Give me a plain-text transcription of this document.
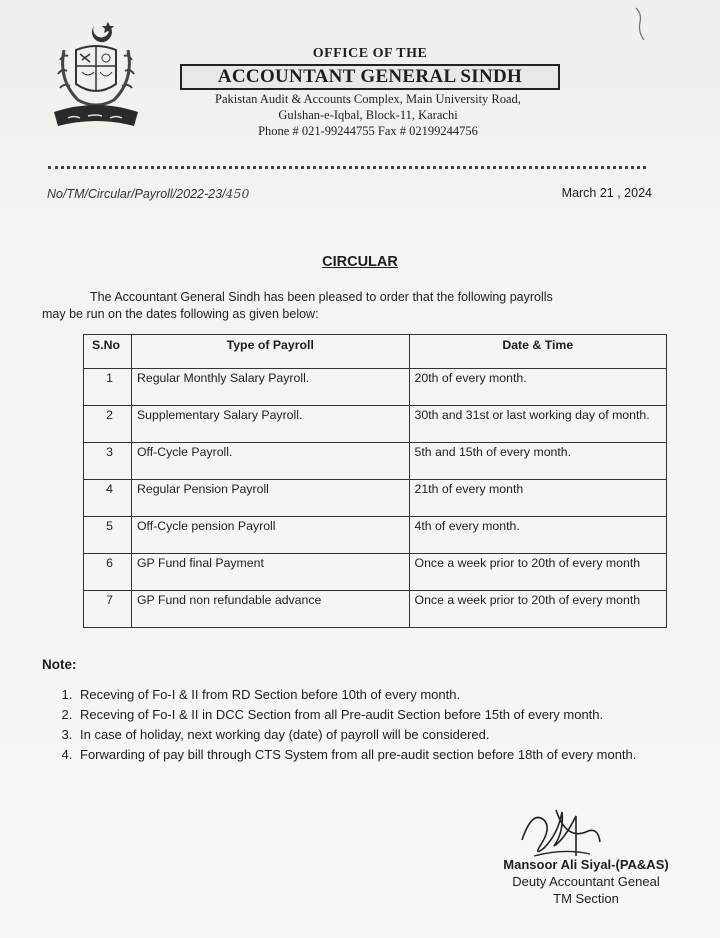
OFFICE OF THE
ACCOUNTANT GENERAL SINDH
Pakistan Audit & Accounts Complex, Main University Road,
Gulshan-e-Iqbal, Block-11, Karachi
Phone # 021-99244755 Fax # 02199244756
No/TM/Circular/Payroll/2022-23/450	March 21 , 2024
CIRCULAR
The Accountant General Sindh has been pleased to order that the following payrolls
may be run on the dates following as given below:
S.No	Type of Payroll	Date & Time
1	Regular Monthly Salary Payroll.	20th of every month.
2	Supplementary Salary Payroll.	30th and 31st or last working day of month.
3	Off-Cycle Payroll.	5th and 15th of every month.
4	Regular Pension Payroll	21th of every month
5	Off-Cycle pension Payroll	4th of every month.
6	GP Fund final Payment	Once a week prior to 20th of every month
7	GP Fund non refundable advance	Once a week prior to 20th of every month
Note:
1. Receving of Fo-I & II from RD Section before 10th of every month.
2. Receving of Fo-I & II in DCC Section from all Pre-audit Section before 15th of every month.
3. In case of holiday, next working day (date) of payroll will be considered.
4. Forwarding of pay bill through CTS System from all pre-audit section before 18th of every month.
Mansoor Ali Siyal-(PA&AS)
Deuty Accountant Geneal
TM Section
